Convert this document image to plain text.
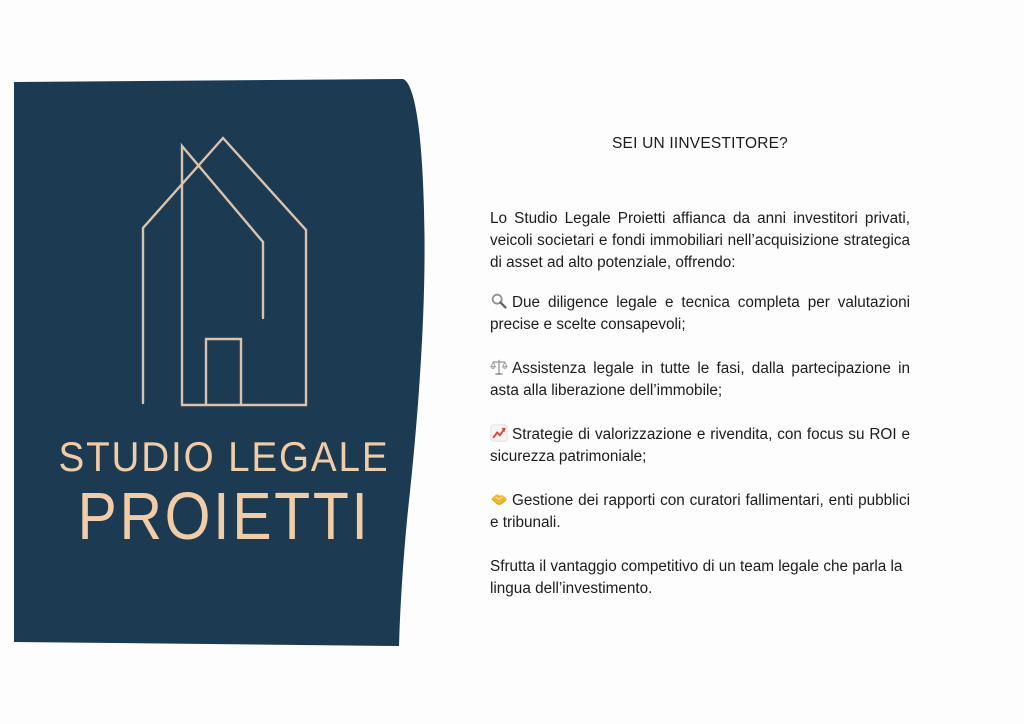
STUDIO LEGALE
PROIETTI
SEI UN IINVESTITORE?
Lo Studio Legale Proietti affianca da anni investitori privati, veicoli societari e fondi immobiliari nell’acquisizione strategica di asset ad alto potenziale, offrendo:
Due diligence legale e tecnica completa per valutazioni precise e scelte consapevoli;
Assistenza legale in tutte le fasi, dalla partecipazione in asta alla liberazione dell’immobile;
Strategie di valorizzazione e rivendita, con focus su ROI e sicurezza patrimoniale;
Gestione dei rapporti con curatori fallimentari, enti pubblici e tribunali.
Sfrutta il vantaggio competitivo di un team legale che parla la lingua dell’investimento.
